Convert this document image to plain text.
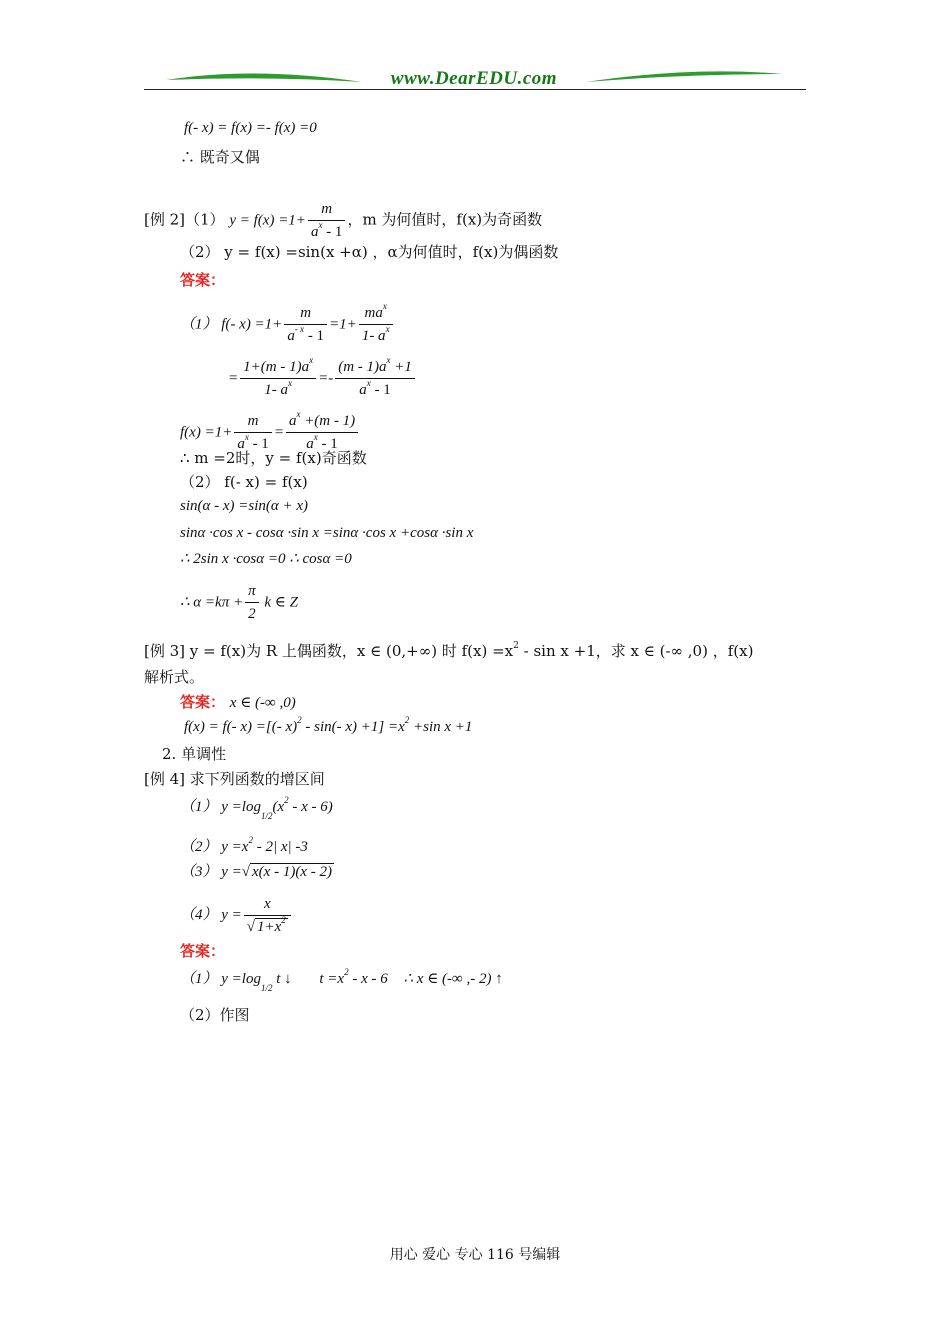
www.DearEDU.com
f(- x) = f(x) =- f(x) =0
∴ 既奇又偶
[例 2]（1） $y = f(x) =1+ \frac{m}{a^x - 1}$ ，m 为何值时，f(x)为奇函数
（2） y = f(x) =sin(x +α) ，α为何值时，f(x)为偶函数
答案：
（1） f(- $x) =1+ \frac{m}{a^{- x} - 1} =1+ \frac{ma^x}{1- a^x}$
= $\frac{1+(m - 1)a^x}{1- a^x} =- \frac{(m - 1)a^x +1}{a^x - 1}$
$f(x) =1+ \frac{m}{a^x - 1} = \frac{a^x +(m - 1)}{a^x - 1}$
∴ m =2时，y = f(x)奇函数
（2） f(- x) = f(x)
sin(α - x) =sin(α + x)
sinα ·cos x - cosα ·sin x =sinα ·cos x +cosα ·sin x
∴ 2sin x ·cosα =0 ∴ cosα =0
∴ $\alpha =k\pi + \frac{\pi}{2}$ k ∈ Z
[例 3] y = f(x)为 R 上偶函数，x ∈ (0,+∞) 时 $f(x) =x^2 - \sin x +1$，求 x ∈ (-∞ ,0) ，f(x)
解析式。
答案： x ∈ (-∞ ,0)
f(x) = f(- x) =[(- x)$^2$ - sin(- $x) +1] =x^2 +\sin$ x +1
2. 单调性
[例 4] 求下列函数的增区间
（1） $y =\log_{1/2}(x^2 - x - 6)$
（2） $y =x^2 - 2|$ x| -3
（3） y =√ x(x - 1)(x - 2)
（4） $y = \frac{x}{√ 1+x^2}$
答案：
（1） $y =\log_{1/2}$ t ↓ $t =x^2 - x - 6$ ∴ x ∈ (-∞ ,- 2) ↑
（2）作图
用心 爱心 专心 116 号编辑
